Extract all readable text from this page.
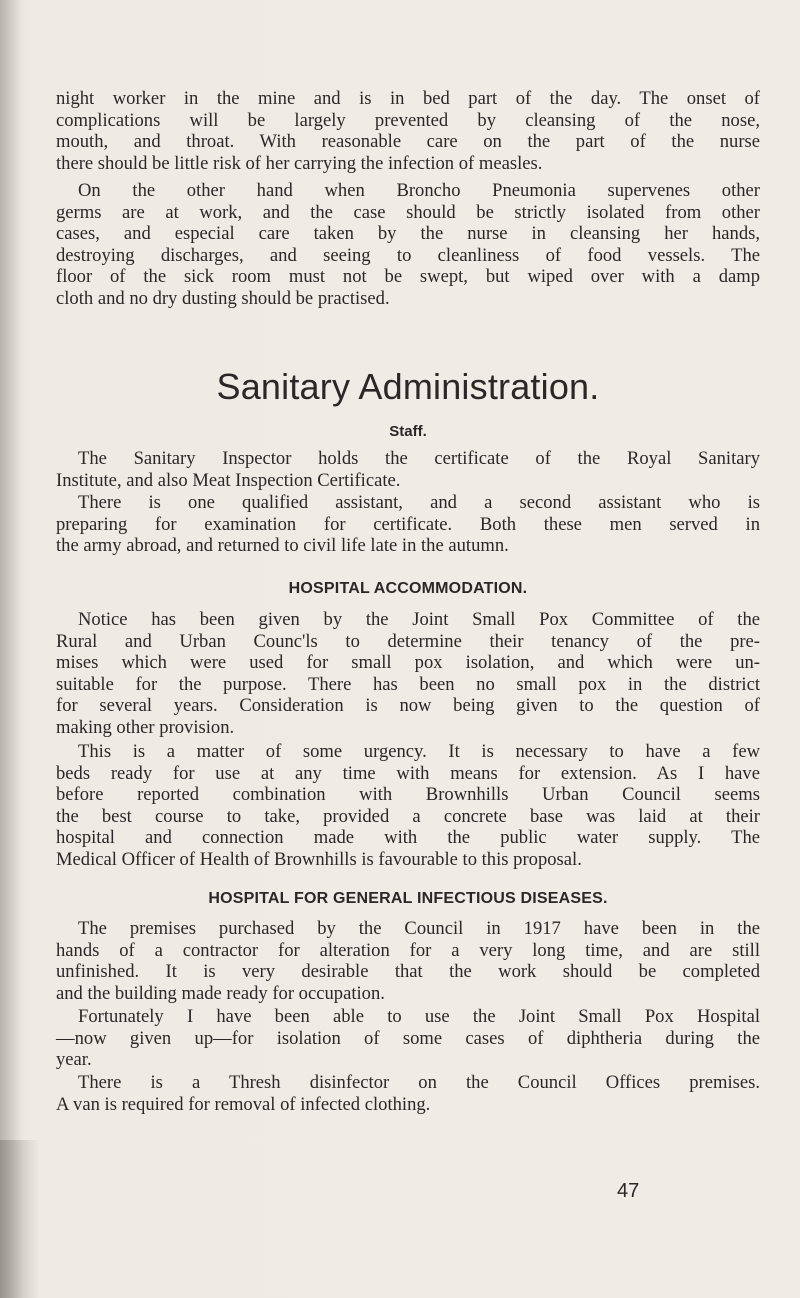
night worker in the mine and is in bed part of the day. The onset of

complications will be largely prevented by cleansing of the nose,

mouth, and throat. With reasonable care on the part of the nurse

there should be little risk of her carrying the infection of measles.

On the other hand when Broncho Pneumonia supervenes other

germs are at work, and the case should be strictly isolated from other

cases, and especial care taken by the nurse in cleansing her hands,

destroying discharges, and seeing to cleanliness of food vessels. The

floor of the sick room must not be swept, but wiped over with a damp

cloth and no dry dusting should be practised.

Sanitary Administration.
Staff.

The Sanitary Inspector holds the certificate of the Royal Sanitary

Institute, and also Meat Inspection Certificate.

There is one qualified assistant, and a second assistant who is

preparing for examination for certificate. Both these men served in

the army abroad, and returned to civil life late in the autumn.

HOSPITAL ACCOMMODATION.

Notice has been given by the Joint Small Pox Committee of the

Rural and Urban Counc'ls to determine their tenancy of the pre-

mises which were used for small pox isolation, and which were un-

suitable for the purpose. There has been no small pox in the district

for several years. Consideration is now being given to the question of

making other provision.

This is a matter of some urgency. It is necessary to have a few

beds ready for use at any time with means for extension. As I have

before reported combination with Brownhills Urban Council seems

the best course to take, provided a concrete base was laid at their

hospital and connection made with the public water supply. The

Medical Officer of Health of Brownhills is favourable to this proposal.

HOSPITAL FOR GENERAL INFECTIOUS DISEASES.

The premises purchased by the Council in 1917 have been in the

hands of a contractor for alteration for a very long time, and are still

unfinished. It is very desirable that the work should be completed

and the building made ready for occupation.

Fortunately I have been able to use the Joint Small Pox Hospital

—now given up—for isolation of some cases of diphtheria during the

year.

There is a Thresh disinfector on the Council Offices premises.

A van is required for removal of infected clothing.

47
